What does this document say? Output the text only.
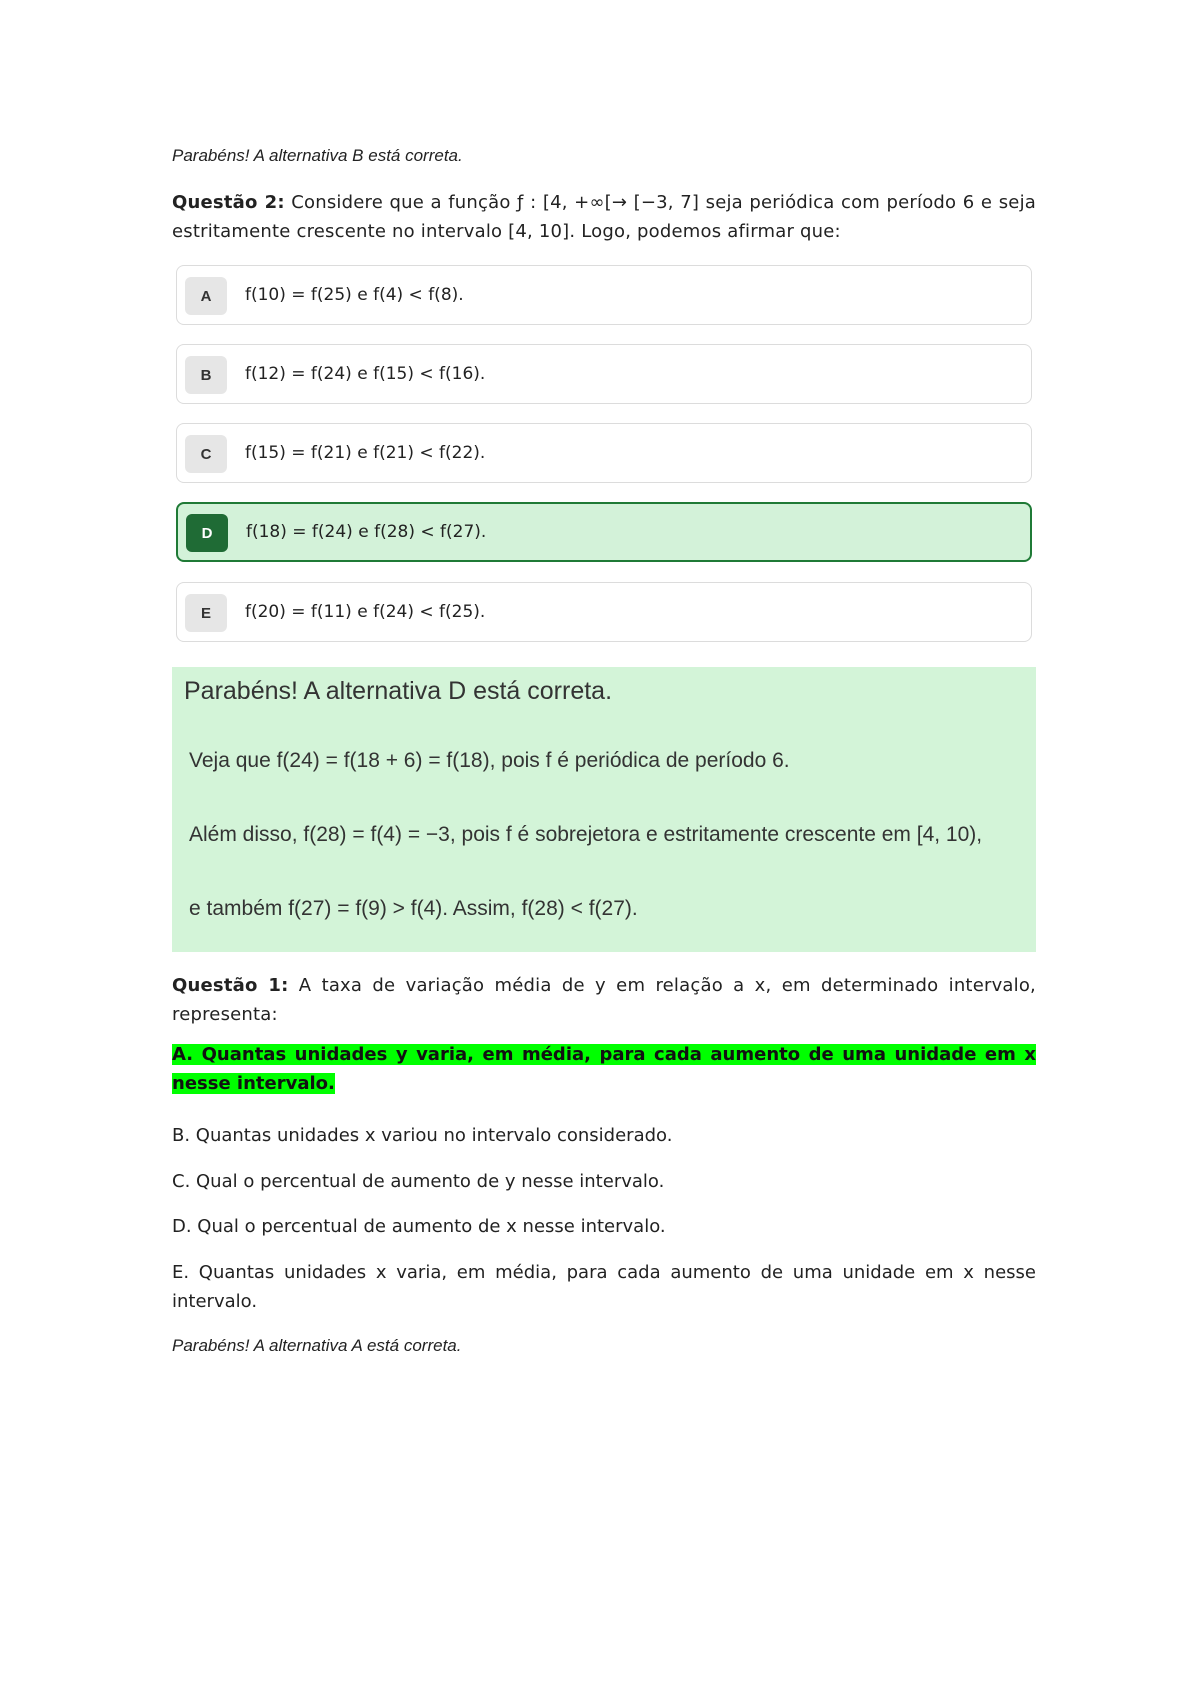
Parabéns! A alternativa B está correta.

Questão 2: Considere que a função ƒ : [4, +∞[→ [−3, 7] seja periódica com período 6 e seja estritamente crescente no intervalo [4, 10]. Logo, podemos afirmar que:

A	f(10) = f(25) e f(4) < f(8).
B	f(12) = f(24) e f(15) < f(16).
C	f(15) = f(21) e f(21) < f(22).
D	f(18) = f(24) e f(28) < f(27).
E	f(20) = f(11) e f(24) < f(25).
Parabéns! A alternativa D está correta.
Veja que f(24) = f(18 + 6) = f(18), pois f é periódica de período 6.
Além disso, f(28) = f(4) = −3, pois f é sobrejetora e estritamente crescente em [4, 10),
e também f(27) = f(9) > f(4). Assim, f(28) < f(27).

Questão 1: A taxa de variação média de y em relação a x, em determinado intervalo, representa:

A. Quantas unidades y varia, em média, para cada aumento de uma unidade em x nesse intervalo.

B. Quantas unidades x variou no intervalo considerado.

C. Qual o percentual de aumento de y nesse intervalo.

D. Qual o percentual de aumento de x nesse intervalo.

E. Quantas unidades x varia, em média, para cada aumento de uma unidade em x nesse intervalo.

Parabéns! A alternativa A está correta.
